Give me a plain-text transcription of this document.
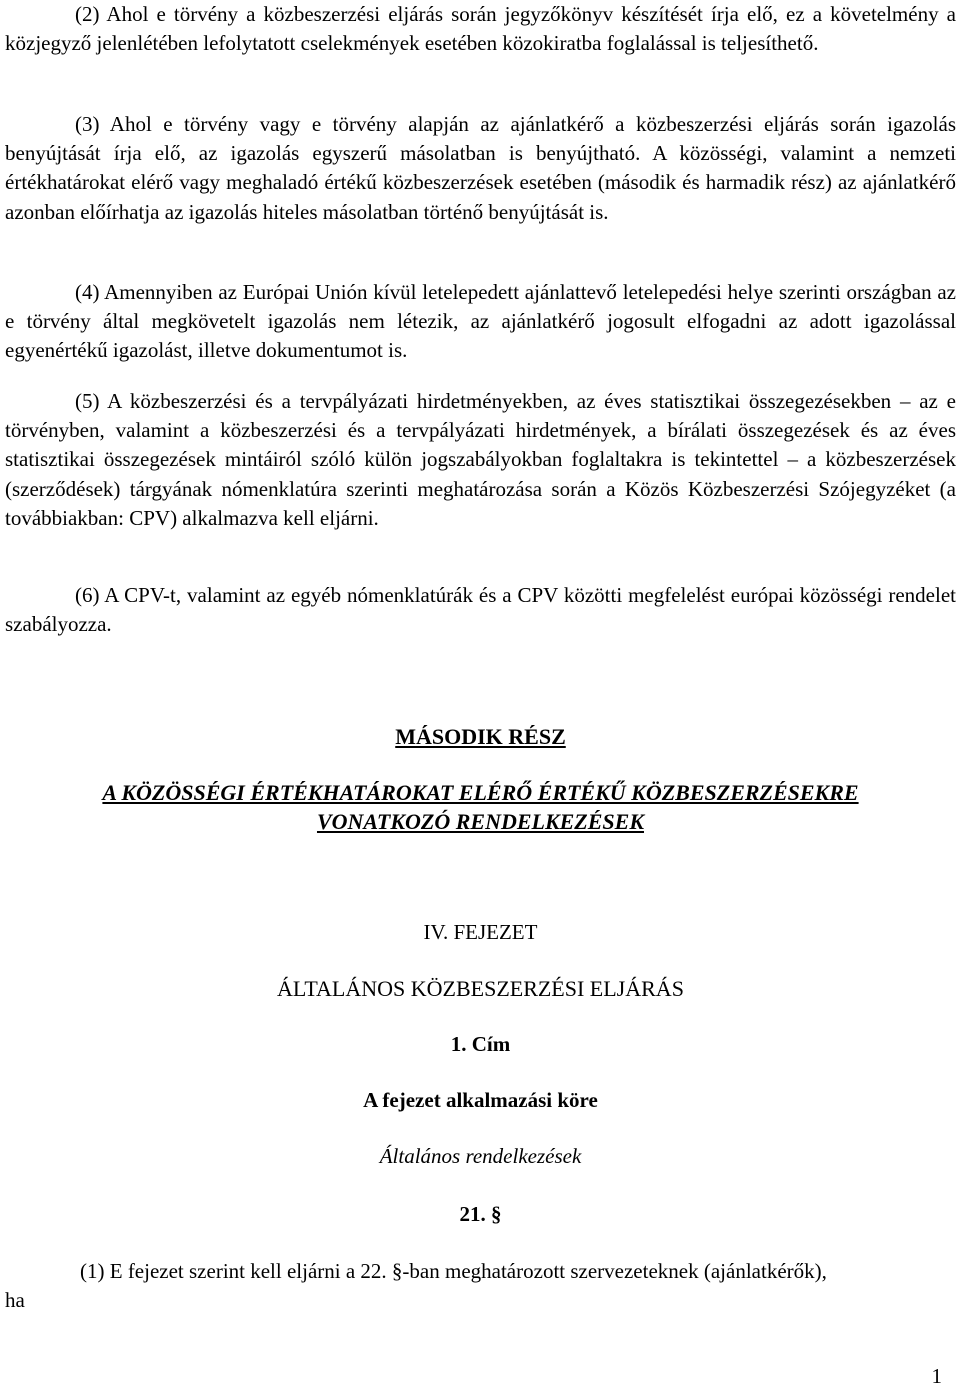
(2) Ahol e törvény a közbeszerzési eljárás során jegyzőkönyv készítését írja elő, ez a követelmény a közjegyző jelenlétében lefolytatott cselekmények esetében közokiratba foglalással is teljesíthető.

(3) Ahol e törvény vagy e törvény alapján az ajánlatkérő a közbeszerzési eljárás során igazolás benyújtását írja elő, az igazolás egyszerű másolatban is benyújtható. A közösségi, valamint a nemzeti értékhatárokat elérő vagy meghaladó értékű közbeszerzések esetében (második és harmadik rész) az ajánlatkérő azonban előírhatja az igazolás hiteles másolatban történő benyújtását is.

(4) Amennyiben az Európai Unión kívül letelepedett ajánlattevő letelepedési helye szerinti országban az e törvény által megkövetelt igazolás nem létezik, az ajánlatkérő jogosult elfogadni az adott igazolással egyenértékű igazolást, illetve dokumentumot is.

(5) A közbeszerzési és a tervpályázati hirdetményekben, az éves statisztikai összegezésekben – az e törvényben, valamint a közbeszerzési és a tervpályázati hirdetmények, a bírálati összegezések és az éves statisztikai összegezések mintáiról szóló külön jogszabályokban foglaltakra is tekintettel – a közbeszerzések (szerződések) tárgyának nómenklatúra szerinti meghatározása során a Közös Közbeszerzési Szójegyzéket (a továbbiakban: CPV) alkalmazva kell eljárni.

(6) A CPV-t, valamint az egyéb nómenklatúrák és a CPV közötti megfelelést európai közösségi rendelet szabályozza.

MÁSODIK RÉSZ

A KÖZÖSSÉGI ÉRTÉKHATÁROKAT ELÉRŐ ÉRTÉKŰ KÖZBESZERZÉSEKRE

VONATKOZÓ RENDELKEZÉSEK

IV. FEJEZET

ÁLTALÁNOS KÖZBESZERZÉSI ELJÁRÁS

1. Cím

A fejezet alkalmazási köre

Általános rendelkezések

21. §

(1) E fejezet szerint kell eljárni a 22. §-ban meghatározott szervezeteknek (ajánlatkérők),

ha

1
